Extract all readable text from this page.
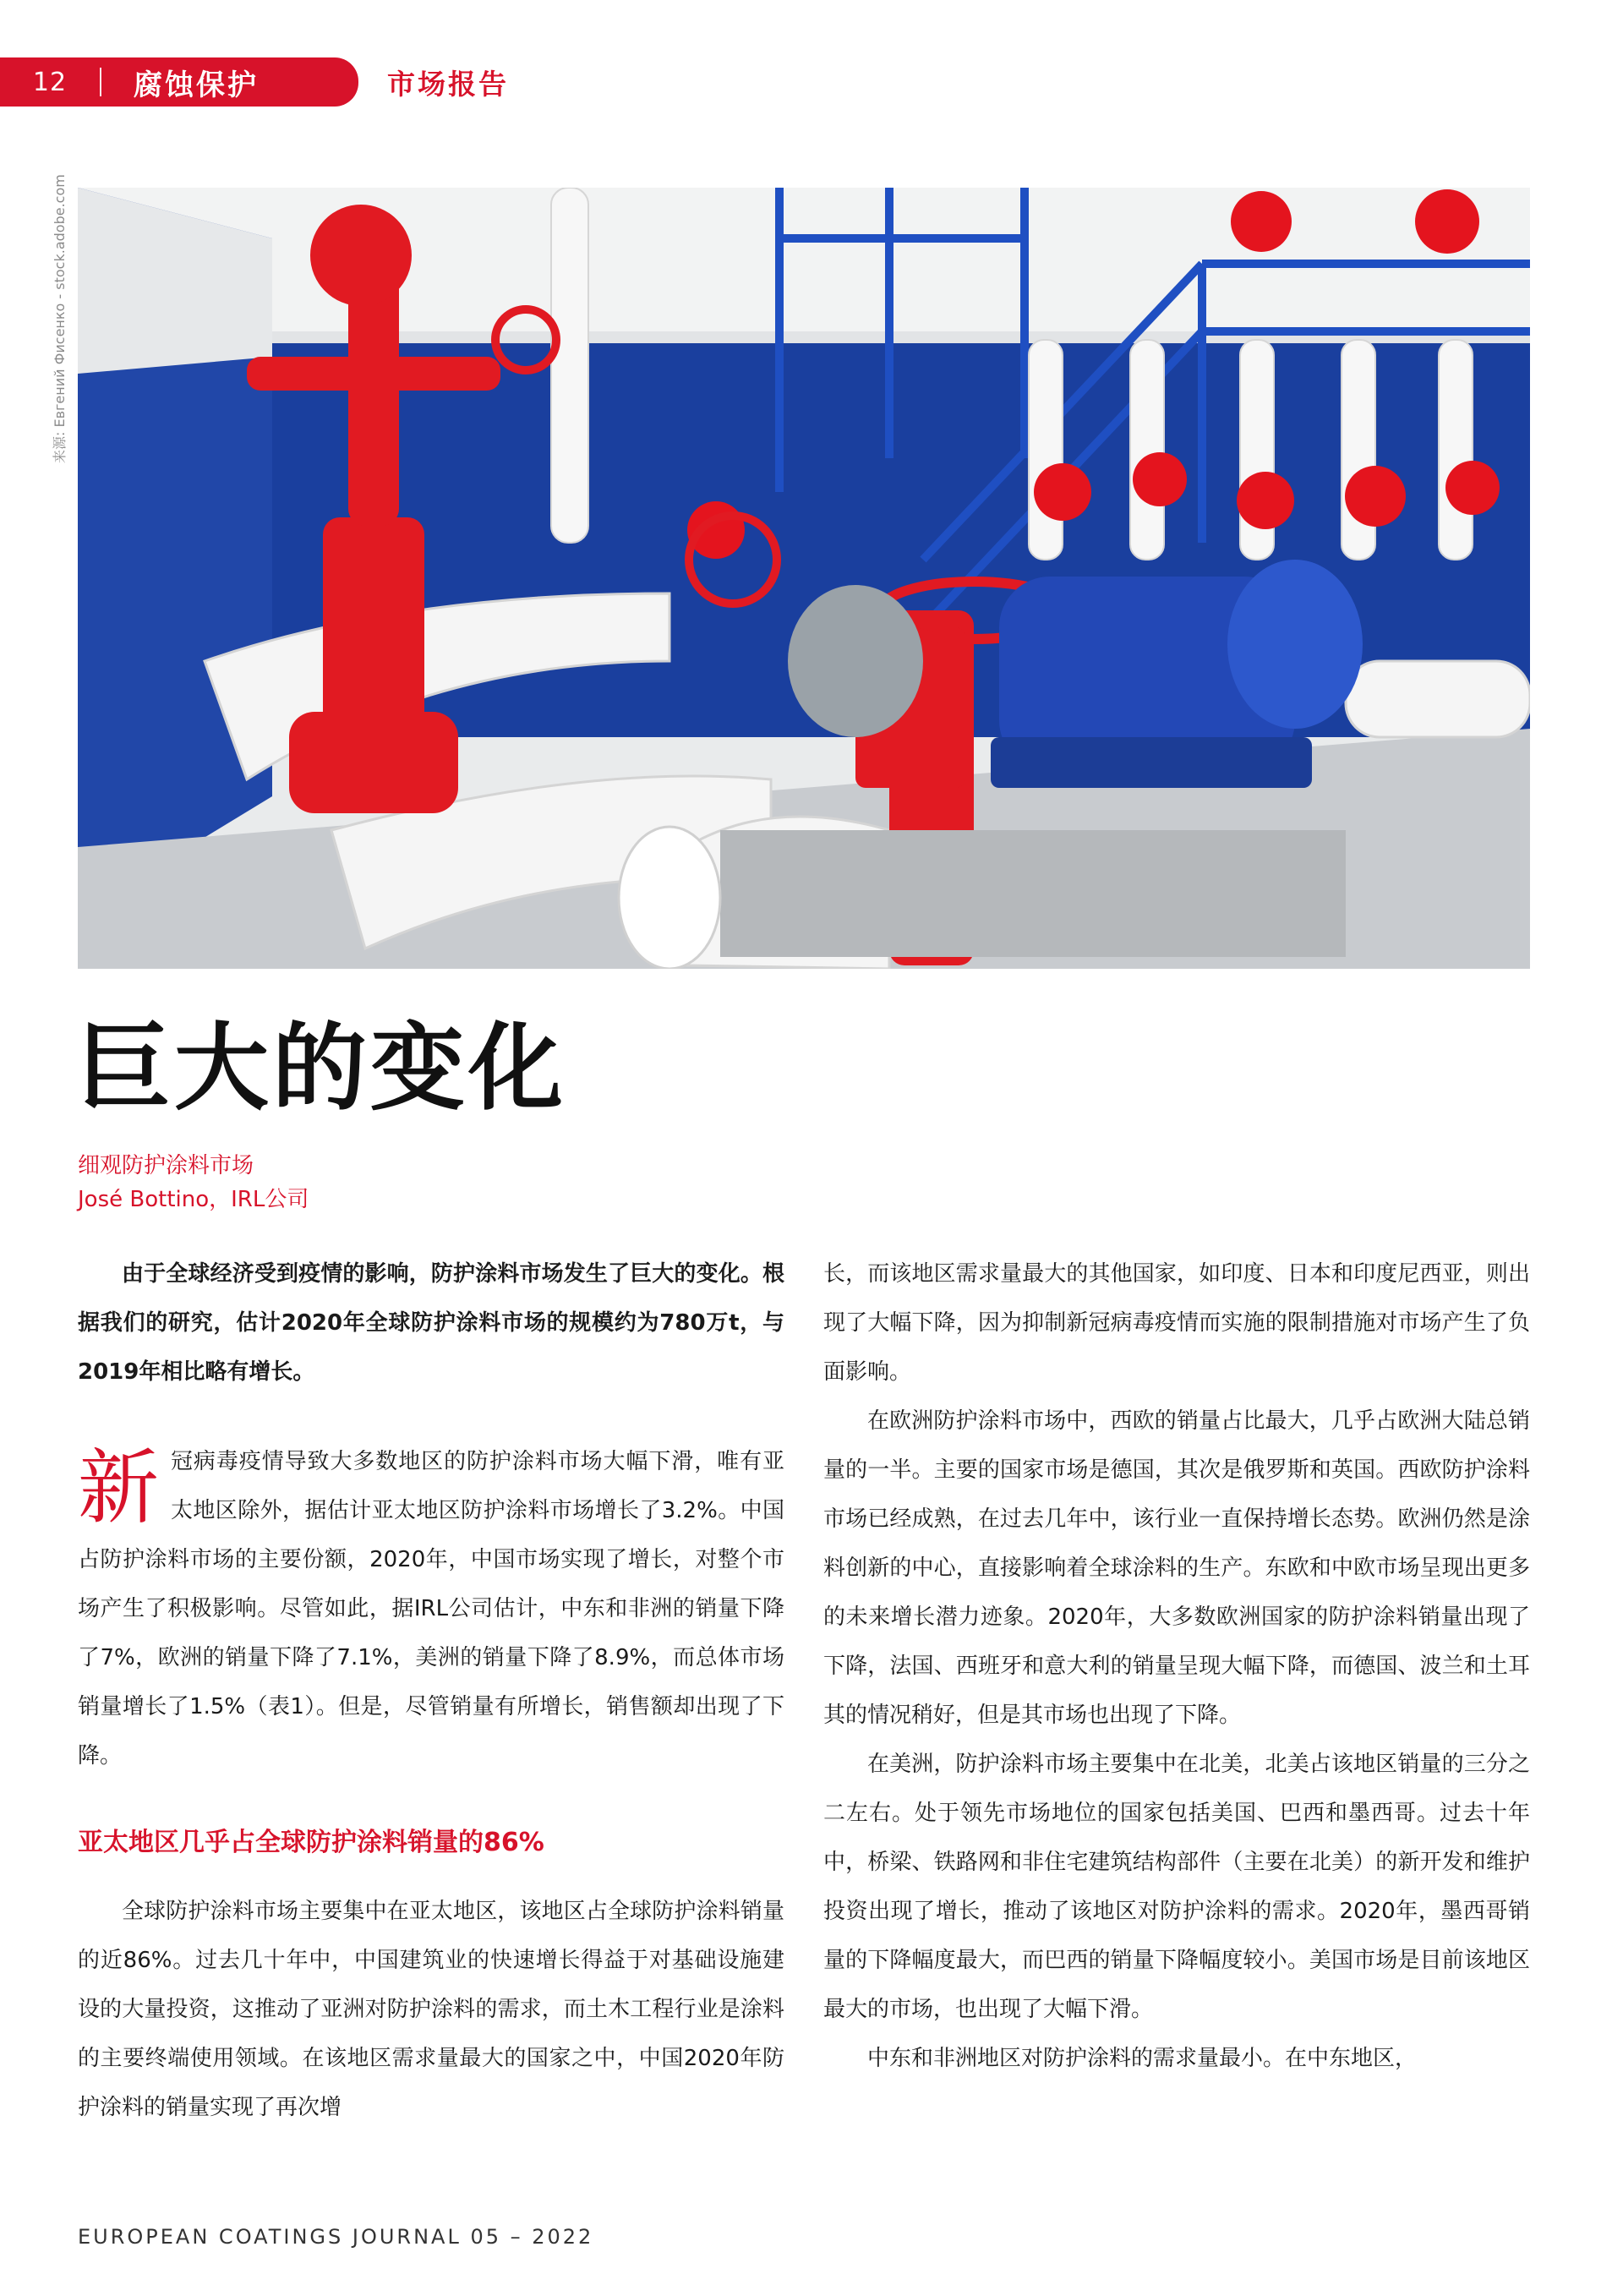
12	腐蚀保护	市场报告
来源: Евгений Фисенко - stock.adobe.com
巨大的变化
细观防护涂料市场
José Bottino，IRL公司

由于全球经济受到疫情的影响，防护涂料市场发生了巨大的变化。根据我们的研究，估计2020年全球防护涂料市场的规模约为780万t，与2019年相比略有增长。

新 冠病毒疫情导致大多数地区的防护涂料市场大幅下滑，唯有亚太地区除外，据估计亚太地区防护涂料市场增长了3.2%。中国占防护涂料市场的主要份额，2020年，中国市场实现了增长，对整个市场产生了积极影响。尽管如此，据IRL公司估计，中东和非洲的销量下降了7%，欧洲的销量下降了7.1%，美洲的销量下降了8.9%，而总体市场销量增长了1.5%（表1）。但是，尽管销量有所增长，销售额却出现了下降。

亚太地区几乎占全球防护涂料销量的86%

全球防护涂料市场主要集中在亚太地区，该地区占全球防护涂料销量的近86%。过去几十年中，中国建筑业的快速增长得益于对基础设施建设的大量投资，这推动了亚洲对防护涂料的需求，而土木工程行业是涂料的主要终端使用领域。在该地区需求量最大的国家之中，中国2020年防护涂料的销量实现了再次增

长，而该地区需求量最大的其他国家，如印度、日本和印度尼西亚，则出现了大幅下降，因为抑制新冠病毒疫情而实施的限制措施对市场产生了负面影响。

在欧洲防护涂料市场中，西欧的销量占比最大，几乎占欧洲大陆总销量的一半。主要的国家市场是德国，其次是俄罗斯和英国。西欧防护涂料市场已经成熟，在过去几年中，该行业一直保持增长态势。欧洲仍然是涂料创新的中心，直接影响着全球涂料的生产。东欧和中欧市场呈现出更多的未来增长潜力迹象。2020年，大多数欧洲国家的防护涂料销量出现了下降，法国、西班牙和意大利的销量呈现大幅下降，而德国、波兰和土耳其的情况稍好，但是其市场也出现了下降。

在美洲，防护涂料市场主要集中在北美，北美占该地区销量的三分之二左右。处于领先市场地位的国家包括美国、巴西和墨西哥。过去十年中，桥梁、铁路网和非住宅建筑结构部件（主要在北美）的新开发和维护投资出现了增长，推动了该地区对防护涂料的需求。2020年，墨西哥销量的下降幅度最大，而巴西的销量下降幅度较小。美国市场是目前该地区最大的市场，也出现了大幅下滑。

中东和非洲地区对防护涂料的需求量最小。在中东地区，

EUROPEAN COATINGS JOURNAL 05 – 2022
